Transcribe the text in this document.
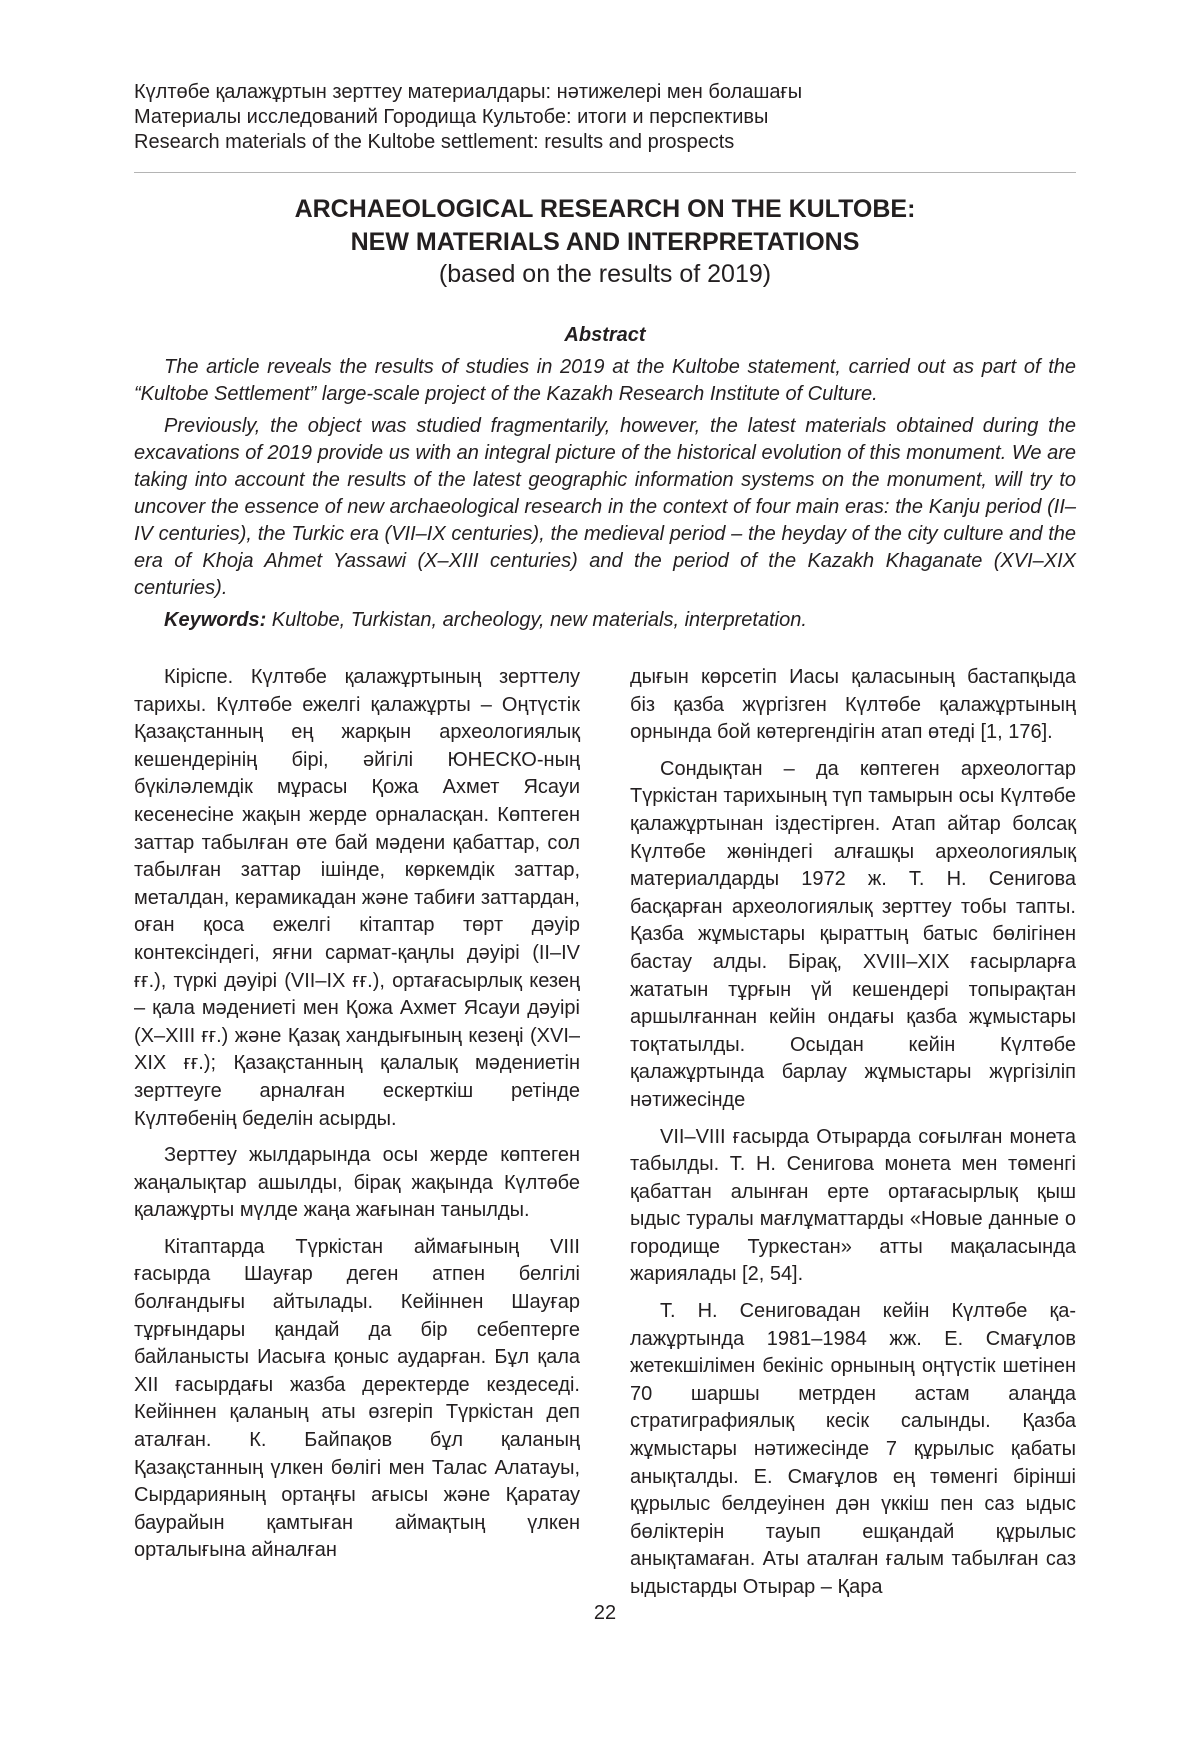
Күлтөбе қалажұртын зерттеу материалдары: нәтижелері мен болашағы
Материалы исследований Городища Культобе: итоги и перспективы
Research materials of the Kultobe settlement: results and prospects
ARCHAEOLOGICAL RESEARCH ON THE KULTOBE:
NEW MATERIALS AND INTERPRETATIONS
(based on the results of 2019)
Abstract

The article reveals the results of studies in 2019 at the Kultobe statement, carried out as part of the “Kultobe Settlement” large-scale project of the Kazakh Research Institute of Culture.

Previously, the object was studied fragmentarily, however, the latest materials obtained during the excavations of 2019 provide us with an integral picture of the historical evolution of this monument. We are taking into account the results of the latest geographic information systems on the monument, will try to uncover the essence of new archaeological research in the context of four main eras: the Kanju period (II–IV centuries), the Turkic era (VII–IX centuries), the medieval period – the heyday of the city culture and the era of Khoja Ahmet Yassawi (X–XIII centuries) and the period of the Kazakh Khaganate (XVI–XIX centuries).

Keywords: Kultobe, Turkistan, archeology, new materials, interpretation.

Кіріспе. Күлтөбе қалажұртының зерттелу тарихы. Күлтөбе ежелгі қалажұрты – Оңтүстік Қазақстанның ең жарқын археологиялық кешендерінің бірі, әйгілі ЮНЕСКО-ның бүкіләлемдік мұрасы Қожа Ахмет Ясауи кесенесіне жақын жерде орналасқан. Көптеген заттар табылған өте бай мәдени қабаттар, сол табылған заттар ішінде, көркемдік заттар, металдан, керамикадан және табиғи заттардан, оған қоса ежелгі кітаптар төрт дәуір контексіндегі, яғни сармат-қаңлы дәуірі (II–IV ғғ.), түркі дәуірі (VII–IX ғғ.), ортағасырлық кезең – қала мәдениеті мен Қожа Ахмет Ясауи дәуірі (X–XIII ғғ.) және Қазақ хандығының кезеңі (XVI–XIX ғғ.); Қазақстанның қалалық мәдениетін зерттеуге арналған ескерткіш ретінде Күлтөбенің беделін асырды.

Зерттеу жылдарында осы жерде көптеген жаңалықтар ашылды, бірақ жақында Күлтөбе қалажұрты мүлде жаңа жағынан танылды.

Кітаптарда Түркістан аймағының VIII ғасырда Шауғар деген атпен белгілі болғандығы айтылады. Кейіннен Шауғар тұрғындары қандай да бір себептерге байланысты Иасыға қоныс аударған. Бұл қала XII ғасырдағы жазба деректерде кездеседі. Кейіннен қаланың аты өзгеріп Түркістан деп аталған. К. Байпақов бұл қаланың Қазақстанның үлкен бөлігі мен Талас Алатауы, Сырдарияның ортаңғы ағысы және Қаратау баурайын қамтыған аймақтың үлкен орталығына айналған

дығын көрсетіп Иасы қаласының бастапқыда біз қазба жүргізген Күлтөбе қалажұртының орнында бой көтергендігін атап өтеді [1, 176].

Сондықтан – да көптеген археологтар Түркістан тарихының түп тамырын осы Күлтөбе қалажұртынан іздестірген. Атап айтар болсақ Күлтөбе жөніндегі алғашқы археологиялық материалдарды 1972 ж. Т. Н. Сенигова басқарған археологиялық зерттеу тобы тапты. Қазба жұмыстары қыраттың батыс бөлігінен бастау алды. Бірақ, XVIII–XIX ғасырларға жататын тұрғын үй кешендері топырақтан аршылғаннан кейін ондағы қазба жұмыстары тоқтатылды. Осыдан кейін Күлтөбе қалажұртында барлау жұмыстары жүргізіліп нәтижесінде

VII–VIII ғасырда Отырарда соғылған монета табылды. Т. Н. Сенигова монета мен төменгі қабаттан алынған ерте ортағасырлық қыш ыдыс туралы мағлұматтарды «Новые данные о городище Туркестан» атты мақаласында жариялады [2, 54].

Т. Н. Сениговадан кейін Күлтөбе қалажұртында 1981–1984 жж. Е. Смағұлов жетекшілімен бекініс орнының оңтүстік шетінен 70 шаршы метрден астам алаңда стратиграфиялық кесік салынды. Қазба жұмыстары нәтижесінде 7 құрылыс қабаты анықталды. Е. Смағұлов ең төменгі бірінші құрылыс белдеуінен дән үккіш пен саз ыдыс бөліктерін тауып ешқандай құрылыс анықтамаған. Аты аталған ғалым табылған саз ыдыстарды Отырар – Қара

22
